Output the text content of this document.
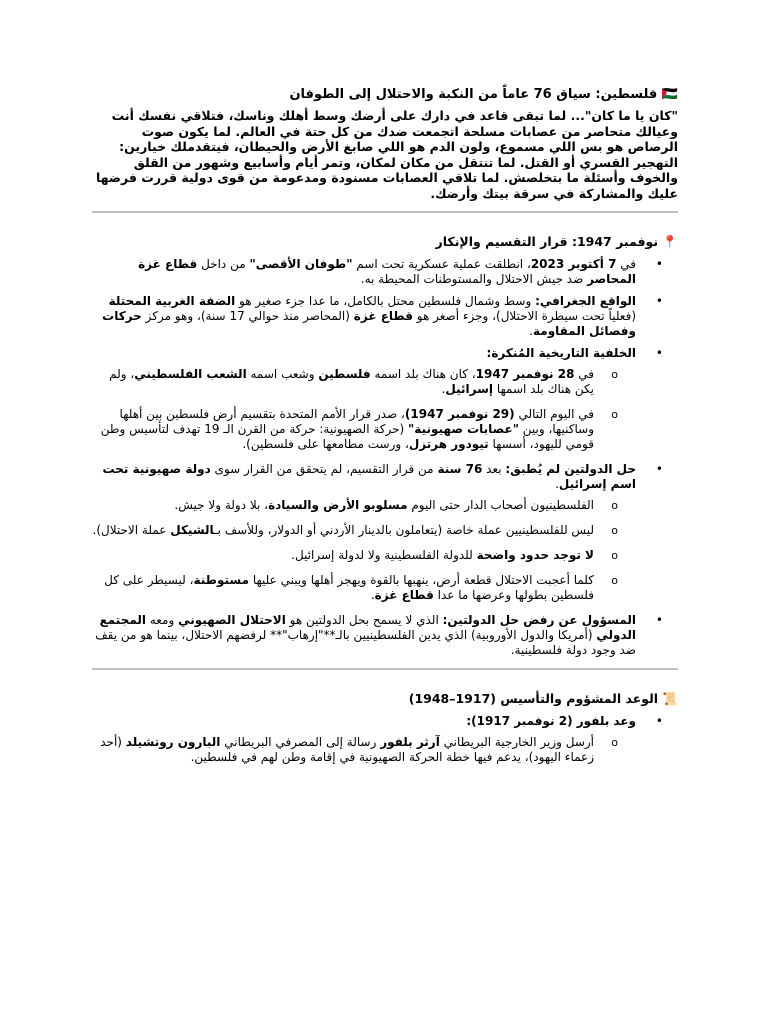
🇵🇸 فلسطين: سياق 76 عاماً من النكبة والاحتلال إلى الطوفان

"كان يا ما كان"... لما تبقى قاعد في دارك على أرضك وسط أهلك وناسك، فتلاقي نفسك أنت وعيالك متحاصر من عصابات مسلحة اتجمعت ضدك من كل حتة في العالم. لما يكون صوت الرصاص هو بس اللي مسموع، ولون الدم هو اللي صابغ الأرض والحيطان، فيتقدملك خيارين: التهجير القسري أو القتل. لما تنتقل من مكان لمكان، وتمر أيام وأسابيع وشهور من القلق والخوف وأسئلة ما بتخلصش. لما تلاقي العصابات مسنودة ومدعومة من قوى دولية قررت فرضها عليك والمشاركة في سرقة بيتك وأرضك.

📍 نوفمبر 1947: قرار التقسيم والإنكار
• في 7 أكتوبر 2023، انطلقت عملية عسكرية تحت اسم "طوفان الأقصى" من داخل قطاع غزة المحاصر ضد جيش الاحتلال والمستوطنات المحيطة به.
• الواقع الجغرافي: وسط وشمال فلسطين محتل بالكامل، ما عدا جزء صغير هو الضفة الغربية المحتلة (فعلياً تحت سيطرة الاحتلال)، وجزء أصغر هو قطاع غزة (المحاصر منذ حوالي 17 سنة)، وهو مركز حركات وفصائل المقاومة.
• الخلفية التاريخية المُنكرة:
o في 28 نوفمبر 1947، كان هناك بلد اسمه فلسطين وشعب اسمه الشعب الفلسطيني، ولم يكن هناك بلد اسمها إسرائيل.
o في اليوم التالي (29 نوفمبر 1947)، صدر قرار الأمم المتحدة بتقسيم أرض فلسطين بين أهلها وساكنيها، وبين "عصابات صهيونية" (حركة الصهيونية: حركة من القرن الـ 19 تهدف لتأسيس وطن قومي لليهود، أسسها تيودور هرتزل، ورست مطامعها على فلسطين).
• حل الدولتين لم يُطبق: بعد 76 سنة من قرار التقسيم، لم يتحقق من القرار سوى دولة صهيونية تحت اسم إسرائيل.
o الفلسطينيون أصحاب الدار حتى اليوم مسلوبو الأرض والسيادة، بلا دولة ولا جيش.
o ليس للفلسطينيين عملة خاصة (يتعاملون بالدينار الأردني أو الدولار، وللأسف بـالشيكل عملة الاحتلال).
o لا توجد حدود واضحة للدولة الفلسطينية ولا لدولة إسرائيل.
o كلما أعجبت الاحتلال قطعة أرض، ينهبها بالقوة ويهجر أهلها ويبني عليها مستوطنة، ليسيطر على كل فلسطين بطولها وعرضها ما عدا قطاع غزة.
• المسؤول عن رفض حل الدولتين: الذي لا يسمح بحل الدولتين هو الاحتلال الصهيوني ومعه المجتمع الدولي (أمريكا والدول الأوروبية) الذي يدين الفلسطينيين بالـ**"إرهاب"** لرفضهم الاحتلال، بينما هو من يقف ضد وجود دولة فلسطينية.
📜 الوعد المشؤوم والتأسيس (1917–1948)
• وعد بلفور (2 نوفمبر 1917):
o أرسل وزير الخارجية البريطاني آرثر بلفور رسالة إلى المصرفي البريطاني البارون روتشيلد (أحد زعماء اليهود)، يدعم فيها خطة الحركة الصهيونية في إقامة وطن لهم في فلسطين.
